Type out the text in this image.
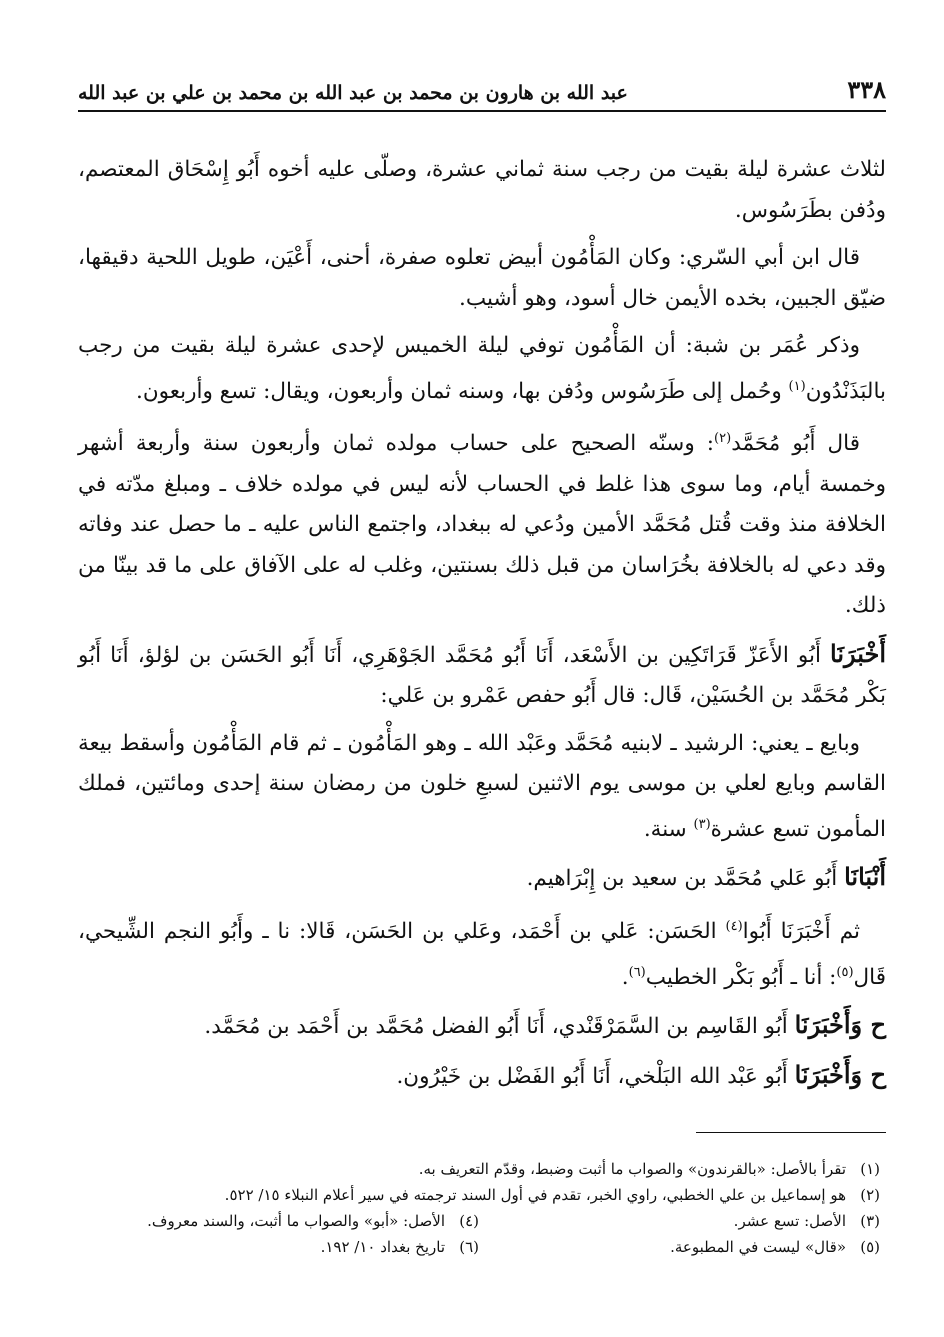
٣٣٨
عبد الله بن هارون بن محمد بن عبد الله بن محمد بن علي بن عبد الله

لثلاث عشرة ليلة بقيت من رجب سنة ثماني عشرة، وصلّى عليه أخوه أَبُو إِسْحَاق المعتصم، ودُفن بطَرَسُوس.

قال ابن أبي السّري: وكان المَأْمُون أبيض تعلوه صفرة، أحنى، أَعْيَن، طويل اللحية دقيقها، ضيّق الجبين، بخده الأيمن خال أسود، وهو أشيب.

وذكر عُمَر بن شبة: أن المَأْمُون توفي ليلة الخميس لإحدى عشرة ليلة بقيت من رجب بالبَذَنْدُون$^{(١)}$ وحُمل إلى طَرَسُوس ودُفن بها، وسنه ثمان وأربعون، ويقال: تسع وأربعون.

قال أَبُو مُحَمَّد$^{(٢)}$: وسنّه الصحيح على حساب مولده ثمان وأربعون سنة وأربعة أشهر وخمسة أيام، وما سوى هذا غلط في الحساب لأنه ليس في مولده خلاف ـ ومبلغ مدّته في الخلافة منذ وقت قُتل مُحَمَّد الأمين ودُعي له ببغداد، واجتمع الناس عليه ـ ما حصل عند وفاته وقد دعي له بالخلافة بخُرَاسان من قبل ذلك بسنتين، وغلب له على الآفاق على ما قد بينّا من ذلك.

أَخْبَرَنَا أَبُو الأَعَزّ قَرَاتَكِين بن الأَسْعَد، أَنَا أَبُو مُحَمَّد الجَوْهَرِي، أَنَا أَبُو الحَسَن بن لؤلؤ، أَنَا أَبُو بَكْر مُحَمَّد بن الحُسَيْن، قَال: قال أَبُو حفص عَمْرو بن عَلي:

وبايع ـ يعني: الرشيد ـ لابنيه مُحَمَّد وعَبْد الله ـ وهو المَأْمُون ـ ثم قام المَأْمُون وأسقط بيعة القاسم وبايع لعلي بن موسى يوم الاثنين لسبعِ خلون من رمضان سنة إحدى ومائتين، فملك المأمون تسع عشرة$^{(٣)}$ سنة.

أَنْبَانَا أَبُو عَلي مُحَمَّد بن سعيد بن إِبْرَاهيم.

ثم أَخْبَرَنَا أَبُوا$^{(٤)}$ الحَسَن: عَلي بن أَحْمَد، وعَلي بن الحَسَن، قَالا: نا ـ وأَبُو النجم الشِّيحي، قَال$^{(٥)}$: أنا ـ أَبُو بَكْر الخطيب$^{(٦)}$.

ح وَأَخْبَرَنَا أَبُو القَاسِم بن السَّمَرْقَنْدي، أَنَا أَبُو الفضل مُحَمَّد بن أَحْمَد بن مُحَمَّد.

ح وَأَخْبَرَنَا أَبُو عَبْد الله البَلْخي، أَنَا أَبُو الفَضْل بن خَيْرُون.

(١)
تقرأ بالأصل: «بالقرندون» والصواب ما أثبت وضبط، وقدّم التعريف به.
(٢)
هو إسماعيل بن علي الخطبي، راوي الخبر، تقدم في أول السند ترجمته في سير أعلام النبلاء ١٥/ ٥٢٢.
(٣)
الأصل: تسع عشر.
(٤)
الأصل: «أبو» والصواب ما أثبت، والسند معروف.
(٥)
«قال» ليست في المطبوعة.
(٦)
تاريخ بغداد ١٠/ ١٩٢.
